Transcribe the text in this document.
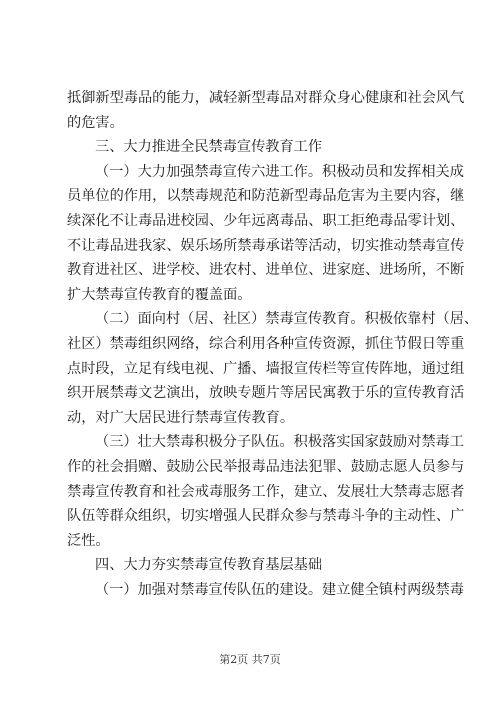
抵御新型毒品的能力，减轻新型毒品对群众身心健康和社会风气
的危害。
三、大力推进全民禁毒宣传教育工作
（一）大力加强禁毒宣传六进工作。积极动员和发挥相关成
员单位的作用，以禁毒规范和防范新型毒品危害为主要内容，继
续深化不让毒品进校园、少年远离毒品、职工拒绝毒品零计划、
不让毒品进我家、娱乐场所禁毒承诺等活动，切实推动禁毒宣传
教育进社区、进学校、进农村、进单位、进家庭、进场所，不断
扩大禁毒宣传教育的覆盖面。
（二）面向村（居、社区）禁毒宣传教育。积极依靠村（居、
社区）禁毒组织网络，综合利用各种宣传资源，抓住节假日等重
点时段，立足有线电视、广播、墙报宣传栏等宣传阵地，通过组
织开展禁毒文艺演出，放映专题片等居民寓教于乐的宣传教育活
动，对广大居民进行禁毒宣传教育。
（三）壮大禁毒积极分子队伍。积极落实国家鼓励对禁毒工
作的社会捐赠、鼓励公民举报毒品违法犯罪、鼓励志愿人员参与
禁毒宣传教育和社会戒毒服务工作，建立、发展壮大禁毒志愿者
队伍等群众组织，切实增强人民群众参与禁毒斗争的主动性、广
泛性。
四、大力夯实禁毒宣传教育基层基础
（一）加强对禁毒宣传队伍的建设。建立健全镇村两级禁毒
第2页 共7页
